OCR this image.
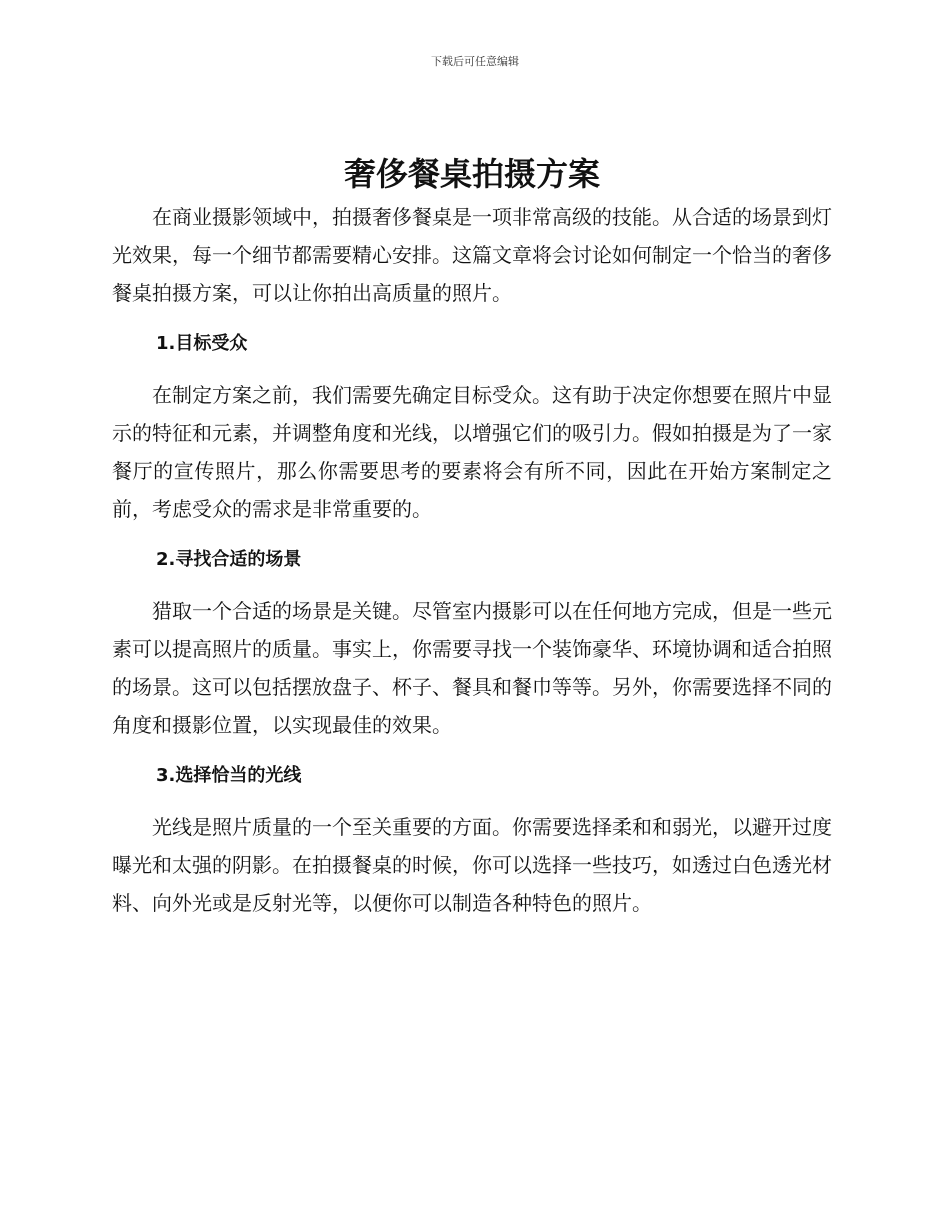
下载后可任意编辑
奢侈餐桌拍摄方案

在商业摄影领域中，拍摄奢侈餐桌是一项非常高级的技能。从合适的场景到灯光效果，每一个细节都需要精心安排。这篇文章将会讨论如何制定一个恰当的奢侈餐桌拍摄方案，可以让你拍出高质量的照片。

1.目标受众

在制定方案之前，我们需要先确定目标受众。这有助于决定你想要在照片中显示的特征和元素，并调整角度和光线，以增强它们的吸引力。假如拍摄是为了一家餐厅的宣传照片，那么你需要思考的要素将会有所不同，因此在开始方案制定之前，考虑受众的需求是非常重要的。

2.寻找合适的场景

猎取一个合适的场景是关键。尽管室内摄影可以在任何地方完成，但是一些元素可以提高照片的质量。事实上，你需要寻找一个装饰豪华、环境协调和适合拍照的场景。这可以包括摆放盘子、杯子、餐具和餐巾等等。另外，你需要选择不同的角度和摄影位置，以实现最佳的效果。

3.选择恰当的光线

光线是照片质量的一个至关重要的方面。你需要选择柔和和弱光，以避开过度曝光和太强的阴影。在拍摄餐桌的时候，你可以选择一些技巧，如透过白色透光材料、向外光或是反射光等，以便你可以制造各种特色的照片。
